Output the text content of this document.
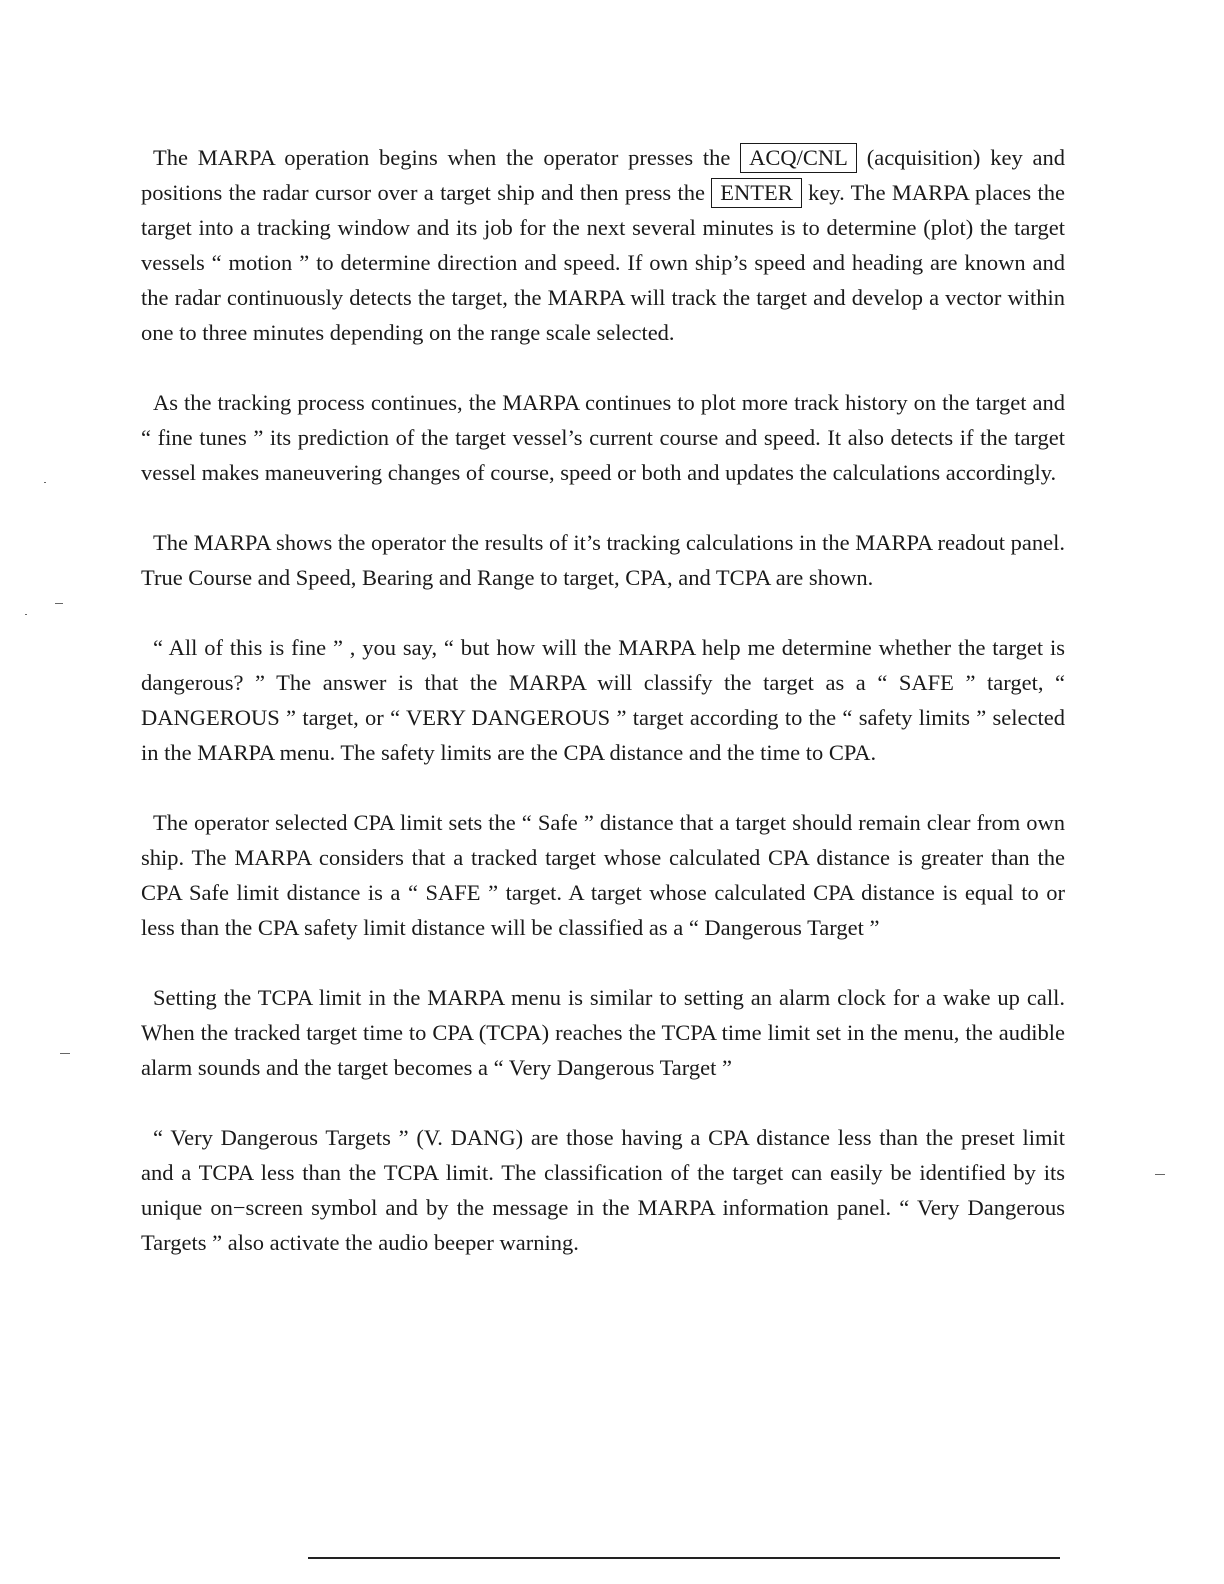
The MARPA operation begins when the operator presses the ACQ/CNL (acquisition) key and positions the radar cursor over a target ship and then press the ENTER key. The MARPA places the target into a tracking window and its job for the next several minutes is to determine (plot) the target vessels “ motion ” to determine direction and speed. If own ship’s speed and heading are known and the radar continuously detects the target, the MARPA will track the target and develop a vector within one to three minutes depending on the range scale selected.

As the tracking process continues, the MARPA continues to plot more track history on the target and “ fine tunes ” its prediction of the target vessel’s current course and speed. It also detects if the target vessel makes maneuvering changes of course, speed or both and updates the calculations accordingly.

The MARPA shows the operator the results of it’s tracking calculations in the MARPA readout panel. True Course and Speed, Bearing and Range to target, CPA, and TCPA are shown.

“ All of this is fine ” , you say, “ but how will the MARPA help me determine whether the target is dangerous? ” The answer is that the MARPA will classify the target as a “ SAFE ” target, “ DANGEROUS ” target, or “ VERY DANGEROUS ” target according to the “ safety limits ” selected in the MARPA menu. The safety limits are the CPA distance and the time to CPA.

The operator selected CPA limit sets the “ Safe ” distance that a target should remain clear from own ship. The MARPA considers that a tracked target whose calculated CPA distance is greater than the CPA Safe limit distance is a “ SAFE ” target. A target whose calculated CPA distance is equal to or less than the CPA safety limit distance will be classified as a “ Dangerous Target ”

Setting the TCPA limit in the MARPA menu is similar to setting an alarm clock for a wake up call. When the tracked target time to CPA (TCPA) reaches the TCPA time limit set in the menu, the audible alarm sounds and the target becomes a “ Very Dangerous Target ”

“ Very Dangerous Targets ” (V. DANG) are those having a CPA distance less than the preset limit and a TCPA less than the TCPA limit. The classification of the target can easily be identified by its unique on−screen symbol and by the message in the MARPA information panel. “ Very Dangerous Targets ” also activate the audio beeper warning.
